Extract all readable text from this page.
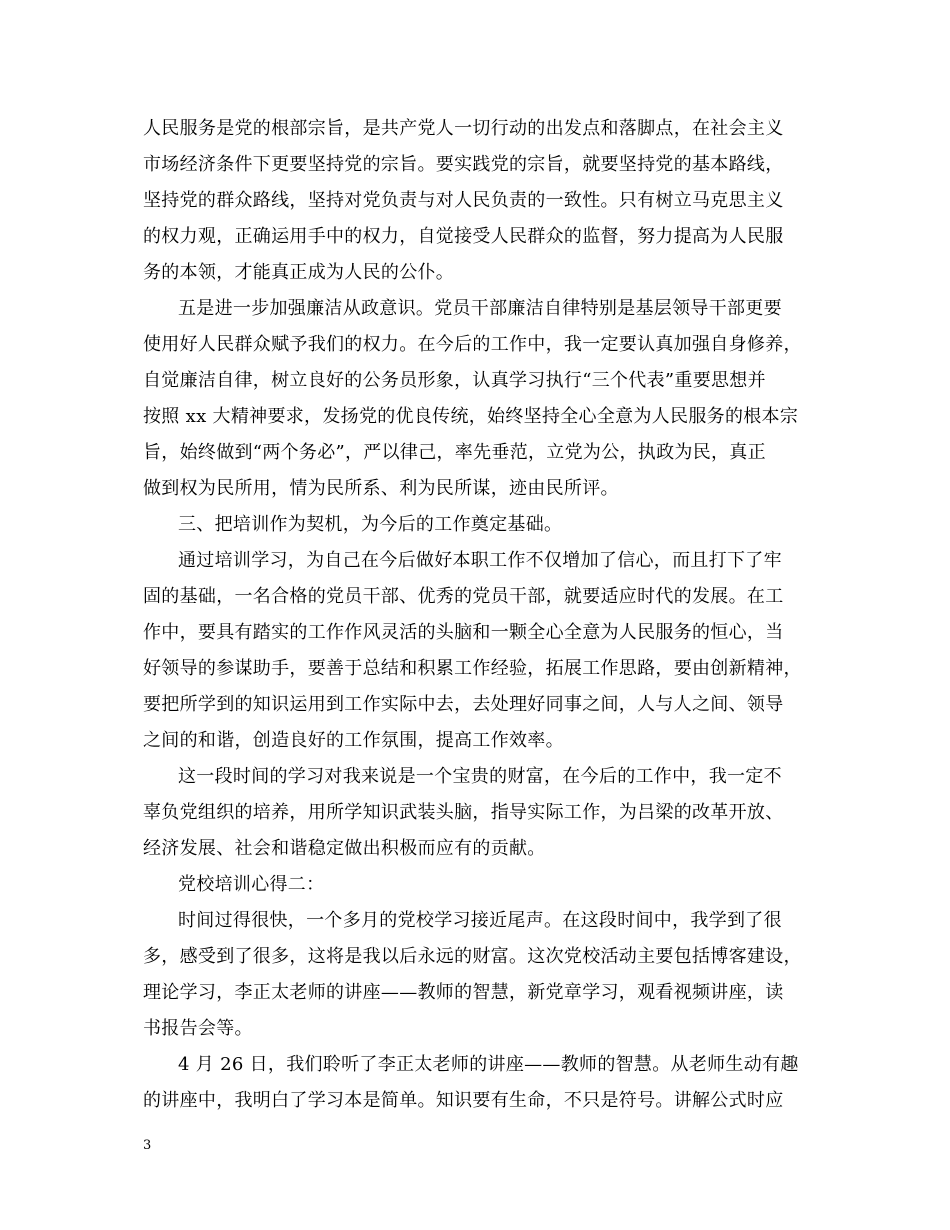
人民服务是党的根部宗旨，是共产党人一切行动的出发点和落脚点，在社会主义
市场经济条件下更要坚持党的宗旨。要实践党的宗旨，就要坚持党的基本路线，
坚持党的群众路线，坚持对党负责与对人民负责的一致性。只有树立马克思主义
的权力观，正确运用手中的权力，自觉接受人民群众的监督，努力提高为人民服
务的本领，才能真正成为人民的公仆。
五是进一步加强廉洁从政意识。党员干部廉洁自律特别是基层领导干部更要
使用好人民群众赋予我们的权力。在今后的工作中，我一定要认真加强自身修养，
自觉廉洁自律，树立良好的公务员形象，认真学习执行“三个代表”重要思想并
按照 xx 大精神要求，发扬党的优良传统，始终坚持全心全意为人民服务的根本宗
旨，始终做到“两个务必”，严以律己，率先垂范，立党为公，执政为民，真正
做到权为民所用，情为民所系、利为民所谋，迹由民所评。
三、把培训作为契机，为今后的工作奠定基础。
通过培训学习，为自己在今后做好本职工作不仅增加了信心，而且打下了牢
固的基础，一名合格的党员干部、优秀的党员干部，就要适应时代的发展。在工
作中，要具有踏实的工作作风灵活的头脑和一颗全心全意为人民服务的恒心，当
好领导的参谋助手，要善于总结和积累工作经验，拓展工作思路，要由创新精神，
要把所学到的知识运用到工作实际中去，去处理好同事之间，人与人之间、领导
之间的和谐，创造良好的工作氛围，提高工作效率。
这一段时间的学习对我来说是一个宝贵的财富，在今后的工作中，我一定不
辜负党组织的培养，用所学知识武装头脑，指导实际工作，为吕梁的改革开放、
经济发展、社会和谐稳定做出积极而应有的贡献。
党校培训心得二：
时间过得很快，一个多月的党校学习接近尾声。在这段时间中，我学到了很
多，感受到了很多，这将是我以后永远的财富。这次党校活动主要包括博客建设，
理论学习，李正太老师的讲座——教师的智慧，新党章学习，观看视频讲座，读
书报告会等。
4 月 26 日，我们聆听了李正太老师的讲座——教师的智慧。从老师生动有趣
的讲座中，我明白了学习本是简单。知识要有生命，不只是符号。讲解公式时应
3
